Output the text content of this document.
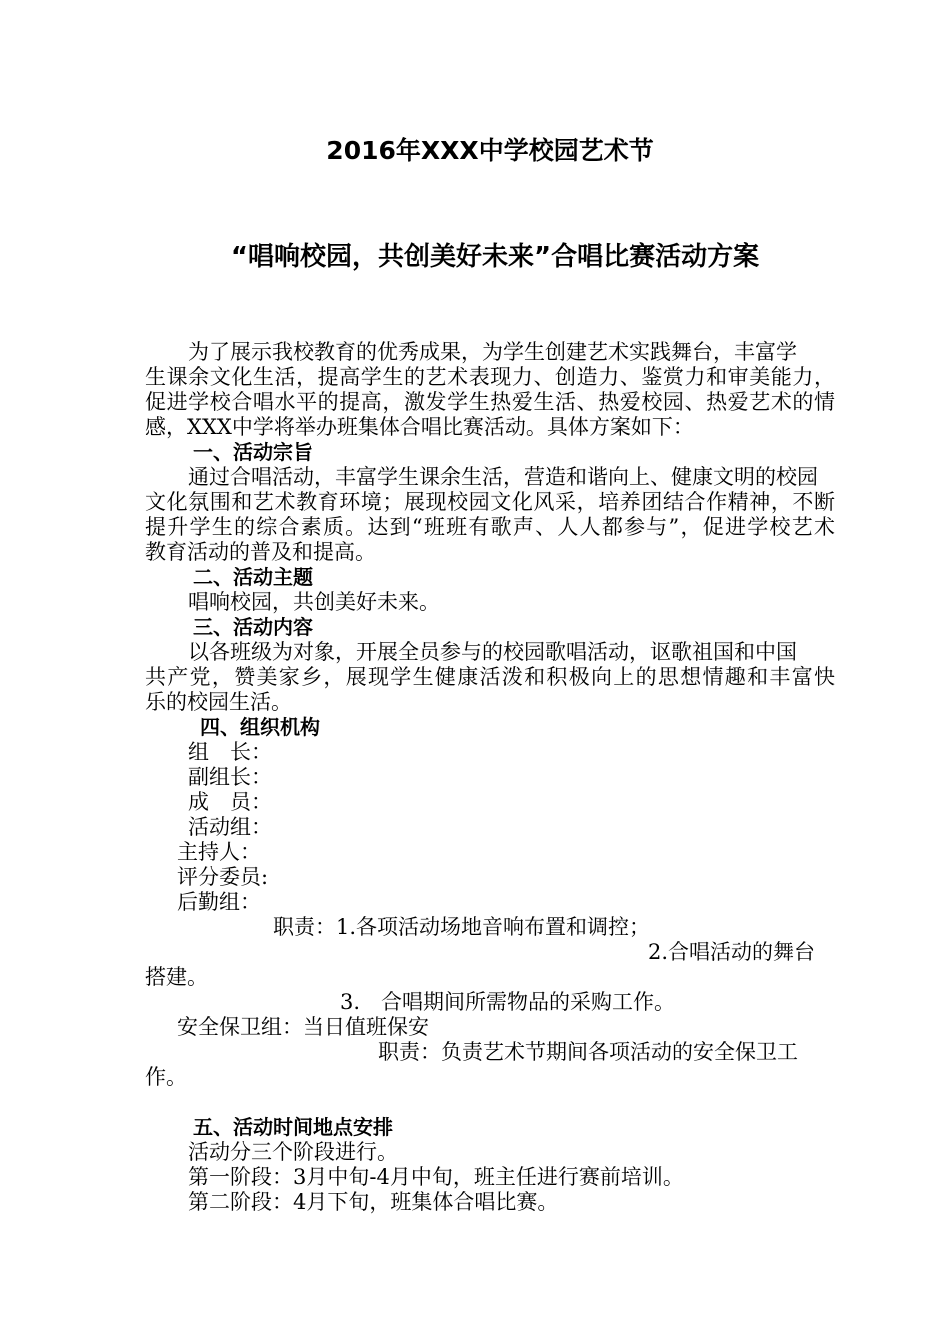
2016年XXX中学校园艺术节
“唱响校园，共创美好未来”合唱比赛活动方案
为了展示我校教育的优秀成果，为学生创建艺术实践舞台，丰富学
生课余文化生活，提高学生的艺术表现力、创造力、鉴赏力和审美能力，
促进学校合唱水平的提高，激发学生热爱生活、热爱校园、热爱艺术的情
感，XXX中学将举办班集体合唱比赛活动。具体方案如下：
一、活动宗旨
通过合唱活动，丰富学生课余生活，营造和谐向上、健康文明的校园
文化氛围和艺术教育环境；展现校园文化风采，培养团结合作精神，不断
提升学生的综合素质。达到“班班有歌声、人人都参与”，促进学校艺术
教育活动的普及和提高。
二、活动主题
唱响校园，共创美好未来。
三、活动内容
以各班级为对象，开展全员参与的校园歌唱活动，讴歌祖国和中国
共产党，赞美家乡，展现学生健康活泼和积极向上的思想情趣和丰富快
乐的校园生活。
四、组织机构
组　长：
副组长：
成　员：
活动组：
主持人：
评分委员:
后勤组：
职责：1.各项活动场地音响布置和调控；
2.合唱活动的舞台
搭建。
3.　合唱期间所需物品的采购工作。
安全保卫组：当日值班保安
职责：负责艺术节期间各项活动的安全保卫工
作。
五、活动时间地点安排
活动分三个阶段进行。
第一阶段：3月中旬-4月中旬，班主任进行赛前培训。
第二阶段：4月下旬，班集体合唱比赛。
